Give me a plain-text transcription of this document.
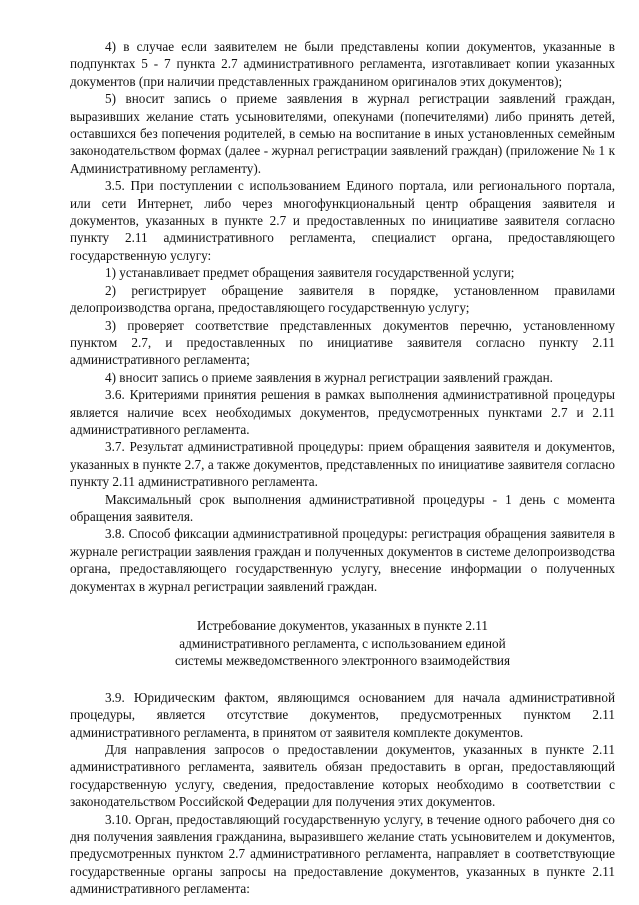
4) в случае если заявителем не были представлены копии документов, указанные в подпунктах 5 - 7 пункта 2.7 административного регламента, изготавливает копии указанных документов (при наличии представленных гражданином оригиналов этих документов);

5) вносит запись о приеме заявления в журнал регистрации заявлений граждан, выразивших желание стать усыновителями, опекунами (попечителями) либо принять детей, оставшихся без попечения родителей, в семью на воспитание в иных установленных семейным законодательством формах (далее - журнал регистрации заявлений граждан) (приложение № 1 к Административному регламенту).

3.5. При поступлении с использованием Единого портала, или регионального портала, или сети Интернет, либо через многофункциональный центр обращения заявителя и документов, указанных в пункте 2.7 и предоставленных по инициативе заявителя согласно пункту 2.11 административного регламента, специалист органа, предоставляющего государственную услугу:

1) устанавливает предмет обращения заявителя государственной услуги;

2) регистрирует обращение заявителя в порядке, установленном правилами делопроизводства органа, предоставляющего государственную услугу;

3) проверяет соответствие представленных документов перечню, установленному пунктом 2.7, и предоставленных по инициативе заявителя согласно пункту 2.11 административного регламента;

4) вносит запись о приеме заявления в журнал регистрации заявлений граждан.

3.6. Критериями принятия решения в рамках выполнения административной процедуры является наличие всех необходимых документов, предусмотренных пунктами 2.7 и 2.11 административного регламента.

3.7. Результат административной процедуры: прием обращения заявителя и документов, указанных в пункте 2.7, а также документов, представленных по инициативе заявителя согласно пункту 2.11 административного регламента.

Максимальный срок выполнения административной процедуры - 1 день с момента обращения заявителя.

3.8. Способ фиксации административной процедуры: регистрация обращения заявителя в журнале регистрации заявления граждан и полученных документов в системе делопроизводства органа, предоставляющего государственную услугу, внесение информации о полученных документах в журнал регистрации заявлений граждан.

Истребование документов, указанных в пункте 2.11

административного регламента, с использованием единой

системы межведомственного электронного взаимодействия

3.9. Юридическим фактом, являющимся основанием для начала административной процедуры, является отсутствие документов, предусмотренных пунктом 2.11 административного регламента, в принятом от заявителя комплекте документов.

Для направления запросов о предоставлении документов, указанных в пункте 2.11 административного регламента, заявитель обязан предоставить в орган, предоставляющий государственную услугу, сведения, предоставление которых необходимо в соответствии с законодательством Российской Федерации для получения этих документов.

3.10. Орган, предоставляющий государственную услугу, в течение одного рабочего дня со дня получения заявления гражданина, выразившего желание стать усыновителем и документов, предусмотренных пунктом 2.7 административного регламента, направляет в соответствующие государственные органы запросы на предоставление документов, указанных в пункте 2.11 административного регламента:
